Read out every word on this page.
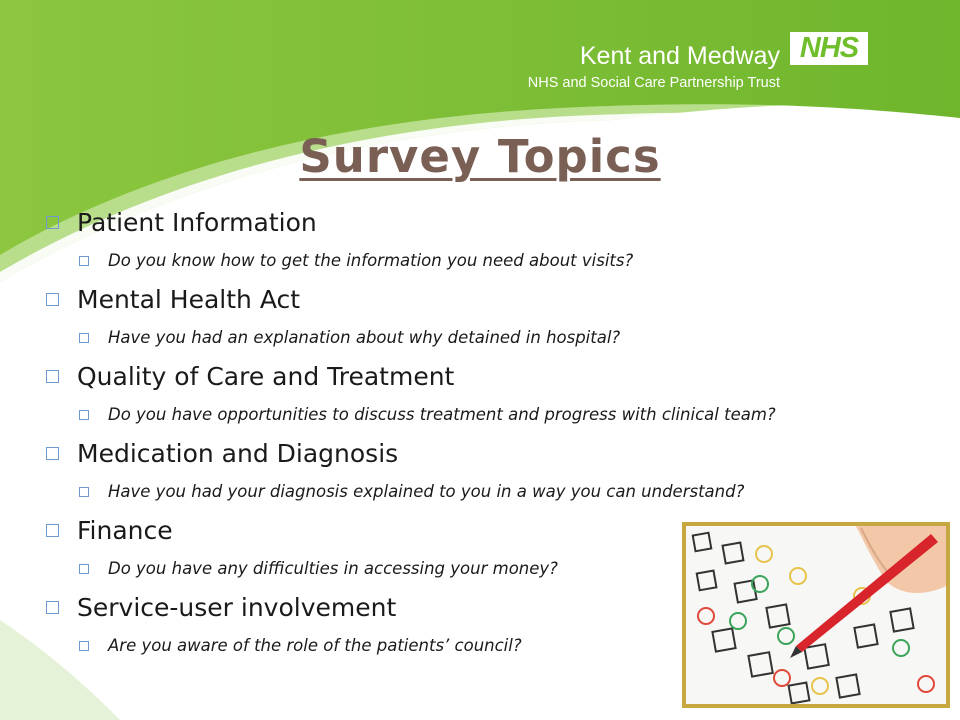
Kent and Medway
NHS and Social Care Partnership Trust
NHS
Survey Topics
Patient Information
Do you know how to get the information you need about visits?
Mental Health Act
Have you had an explanation about why detained in hospital?
Quality of Care and Treatment
Do you have opportunities to discuss treatment and progress with clinical team?
Medication and Diagnosis
Have you had your diagnosis explained to you in a way you can understand?
Finance
Do you have any difficulties in accessing your money?
Service-user involvement
Are you aware of the role of the patients’ council?
